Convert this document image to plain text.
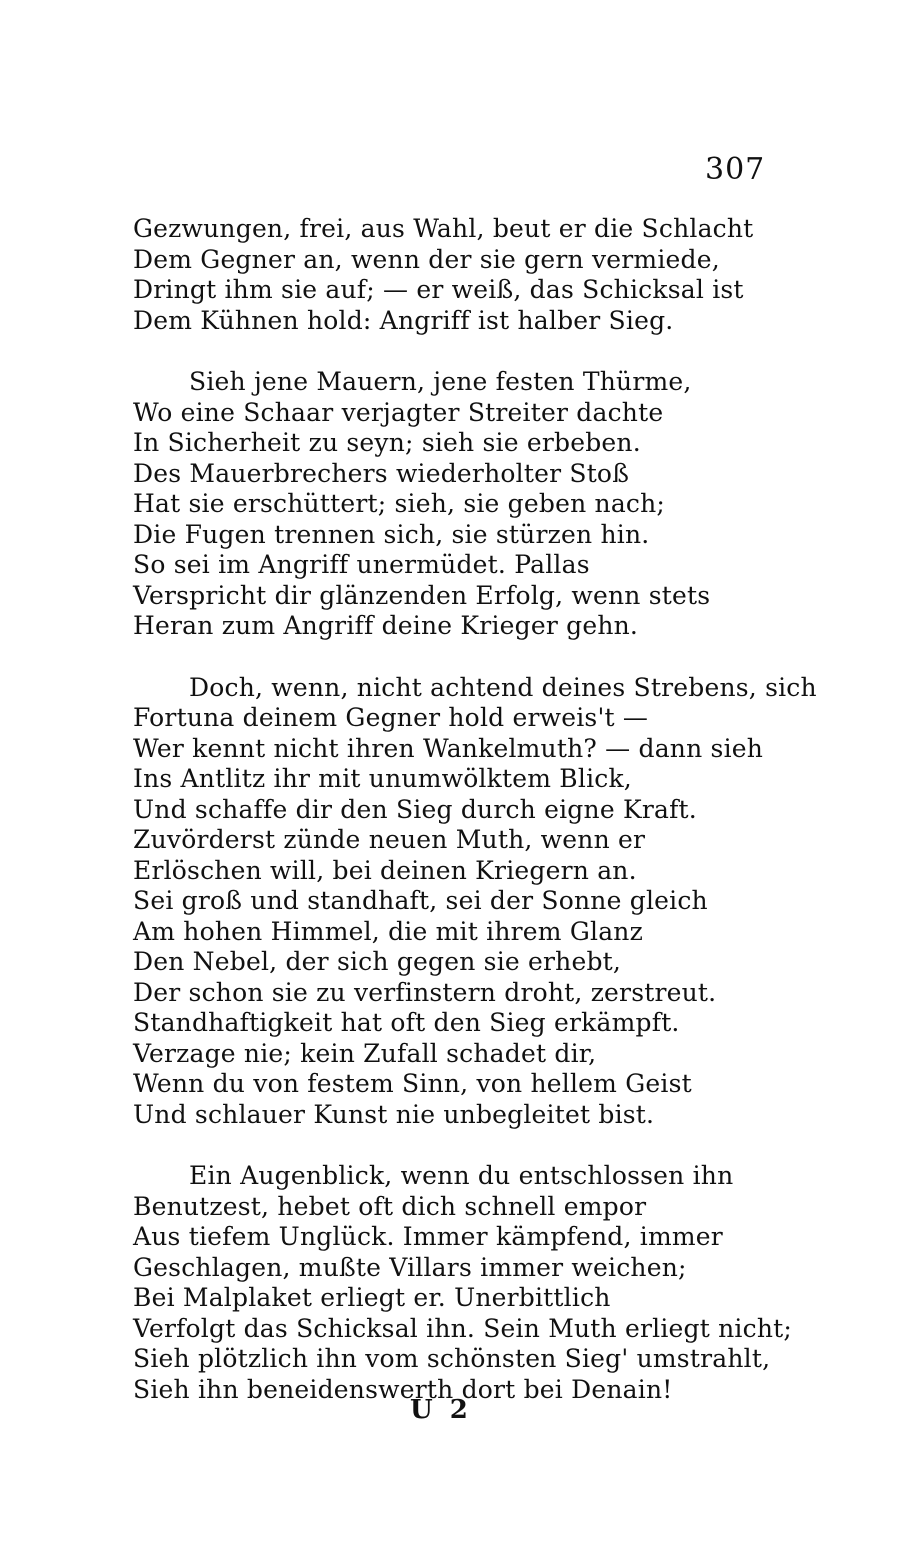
307
Gezwungen, frei, aus Wahl, beut er die Schlacht
Dem Gegner an, wenn der sie gern vermiede,
Dringt ihm sie auf; — er weiß, das Schicksal ist
Dem Kühnen hold: Angriff ist halber Sieg.
Sieh jene Mauern, jene festen Thürme,
Wo eine Schaar verjagter Streiter dachte
In Sicherheit zu seyn; sieh sie erbeben.
Des Mauerbrechers wiederholter Stoß
Hat sie erschüttert; sieh, sie geben nach;
Die Fugen trennen sich, sie stürzen hin.
So sei im Angriff unermüdet. Pallas
Verspricht dir glänzenden Erfolg, wenn stets
Heran zum Angriff deine Krieger gehn.
Doch, wenn, nicht achtend deines Strebens, sich
Fortuna deinem Gegner hold erweis't —
Wer kennt nicht ihren Wankelmuth? — dann sieh
Ins Antlitz ihr mit unumwölktem Blick,
Und schaffe dir den Sieg durch eigne Kraft.
Zuvörderst zünde neuen Muth, wenn er
Erlöschen will, bei deinen Kriegern an.
Sei groß und standhaft, sei der Sonne gleich
Am hohen Himmel, die mit ihrem Glanz
Den Nebel, der sich gegen sie erhebt,
Der schon sie zu verfinstern droht, zerstreut.
Standhaftigkeit hat oft den Sieg erkämpft.
Verzage nie; kein Zufall schadet dir,
Wenn du von festem Sinn, von hellem Geist
Und schlauer Kunst nie unbegleitet bist.
Ein Augenblick, wenn du entschlossen ihn
Benutzest, hebet oft dich schnell empor
Aus tiefem Unglück. Immer kämpfend, immer
Geschlagen, mußte Villars immer weichen;
Bei Malplaket erliegt er. Unerbittlich
Verfolgt das Schicksal ihn. Sein Muth erliegt nicht;
Sieh plötzlich ihn vom schönsten Sieg' umstrahlt,
Sieh ihn beneidenswerth dort bei Denain!
U 2
